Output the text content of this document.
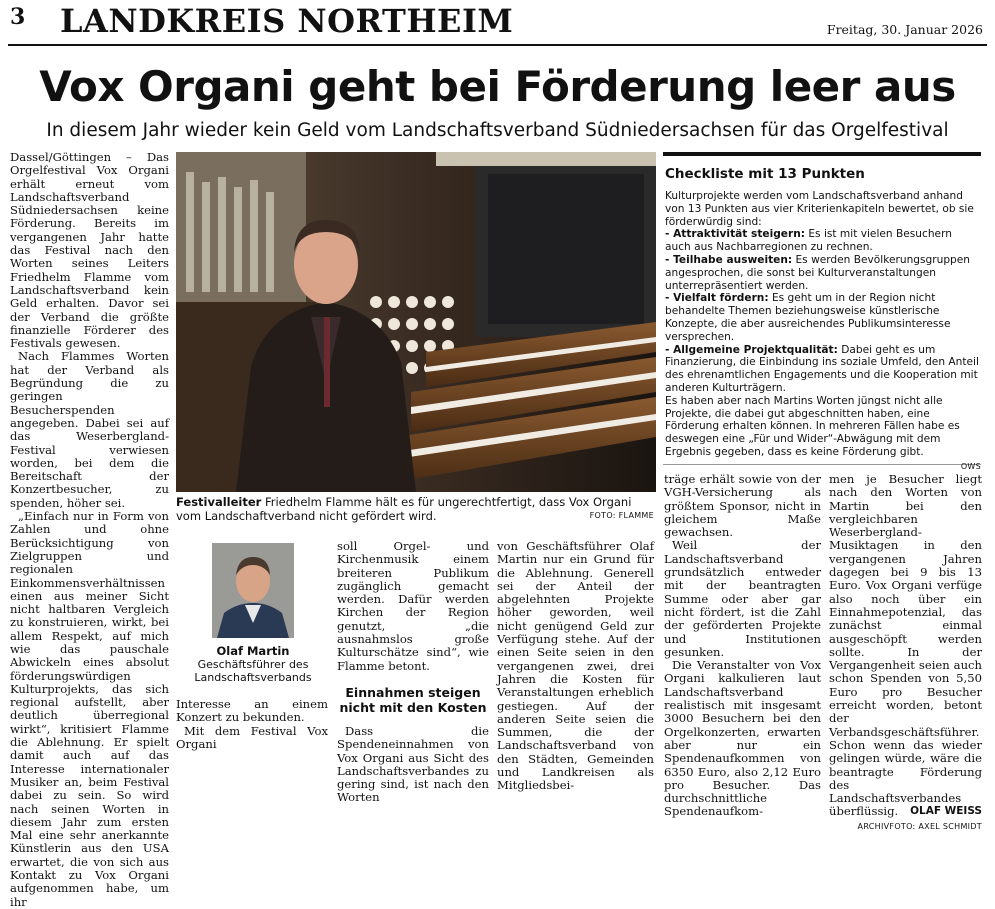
3 LANDKREIS NORTHEIM	Freitag, 30. Januar 2026
Vox Organi geht bei Förderung leer aus
In diesem Jahr wieder kein Geld vom Landschaftsverband Südniedersachsen für das Orgelfestival

Dassel/Göttingen – Das Orgelfestival Vox Organi erhält erneut vom Landschaftsverband Südniedersachsen keine Förderung. Bereits im vergangenen Jahr hatte das Festival nach den Worten seines Leiters Friedhelm Flamme vom Landschaftsverband kein Geld erhalten. Davor sei der Verband die größte finanzielle Förderer des Festivals gewesen.

Nach Flammes Worten hat der Verband als Begründung die zu geringen Besucherspenden angegeben. Dabei sei auf das Weserbergland-Festival verwiesen worden, bei dem die Bereitschaft der Konzertbesucher, zu spenden, höher sei.

„Einfach nur in Form von Zahlen und ohne Berücksichtigung von Zielgruppen und regionalen Einkommensverhältnissen einen aus meiner Sicht nicht haltbaren Vergleich zu konstruieren, wirkt, bei allem Respekt, auf mich wie das pauschale Abwickeln eines absolut förderungswürdigen Kulturprojekts, das sich regional aufstellt, aber deutlich überregional wirkt“, kritisiert Flamme die Ablehnung. Er spielt damit auch auf das Interesse internationaler Musiker an, beim Festival dabei zu sein. So wird nach seinen Worten in diesem Jahr zum ersten Mal eine sehr anerkannte Künstlerin aus den USA erwartet, die von sich aus Kontakt zu Vox Organi aufgenommen habe, um ihr

Festivalleiter Friedhelm Flamme hält es für ungerechtfertigt, dass Vox Organi vom Landschaftverband nicht gefördert wird.	FOTO: FLAMME
Checkliste mit 13 Punkten

Kulturprojekte werden vom Landschaftsverband anhand von 13 Punkten aus vier Kriterienkapiteln bewertet, ob sie förderwürdig sind:

- Attraktivität steigern: Es ist mit vielen Besuchern auch aus Nachbarregionen zu rechnen.

- Teilhabe ausweiten: Es werden Bevölkerungsgruppen angesprochen, die sonst bei Kulturveranstaltungen unterrepräsentiert werden.

- Vielfalt fördern: Es geht um in der Region nicht behandelte Themen beziehungsweise künstlerische Konzepte, die aber ausreichendes Publikumsinteresse versprechen.

- Allgemeine Projektqualität: Dabei geht es um Finanzierung, die Einbindung ins soziale Umfeld, den Anteil des ehrenamtlichen Engagements und die Kooperation mit anderen Kulturträgern.

Es haben aber nach Martins Worten jüngst nicht alle Projekte, die dabei gut abgeschnitten haben, eine Förderung erhalten können. In mehreren Fällen habe es deswegen eine „Für und Wider“-Abwägung mit dem Ergebnis gegeben, dass es keine Förderung gibt.

OWS

Olaf Martin
Geschäftsführer des Landschaftsverbands

Interesse an einem Konzert zu bekunden.

Mit dem Festival Vox Organi

soll Orgel- und Kirchenmusik einem breiteren Publikum zugänglich gemacht werden. Dafür werden Kirchen der Region genutzt, „die ausnahmslos große Kulturschätze sind“, wie Flamme betont.

Einnahmen steigen nicht mit den Kosten

Dass die Spendeneinnahmen von Vox Organi aus Sicht des Landschaftsverbandes zu gering sind, ist nach den Worten

von Geschäftsführer Olaf Martin nur ein Grund für die Ablehnung. Generell sei der Anteil der abgelehnten Projekte höher geworden, weil nicht genügend Geld zur Verfügung stehe. Auf der einen Seite seien in den vergangenen zwei, drei Jahren die Kosten für Veranstaltungen erheblich gestiegen. Auf der anderen Seite seien die Summen, die der Landschaftsverband von den Städten, Gemeinden und Landkreisen als Mitgliedsbei-

träge erhält sowie von der VGH-Versicherung als größtem Sponsor, nicht in gleichem Maße gewachsen.

Weil der Landschaftsverband grundsätzlich entweder mit der beantragten Summe oder aber gar nicht fördert, ist die Zahl der geförderten Projekte und Institutionen gesunken.

Die Veranstalter von Vox Organi kalkulieren laut Landschaftsverband realistisch mit insgesamt 3000 Besuchern bei den Orgelkonzerten, erwarten aber nur ein Spendenaufkommen von 6350 Euro, also 2,12 Euro pro Besucher. Das durchschnittliche Spendenaufkom-

men je Besucher liegt nach den Worten von Martin bei den vergleichbaren Weserbergland-Musiktagen in den vergangenen Jahren dagegen bei 9 bis 13 Euro. Vox Organi verfüge also noch über ein Einnahmepotenzial, das zunächst einmal ausgeschöpft werden sollte. In der Vergangenheit seien auch schon Spenden von 5,50 Euro pro Besucher erreicht worden, betont der Verbandsgeschäftsführer. Schon wenn das wieder gelingen würde, wäre die beantragte Förderung des Landschaftsverbandes überflüssig. OLAF WEISS

ARCHIVFOTO: AXEL SCHMIDT
